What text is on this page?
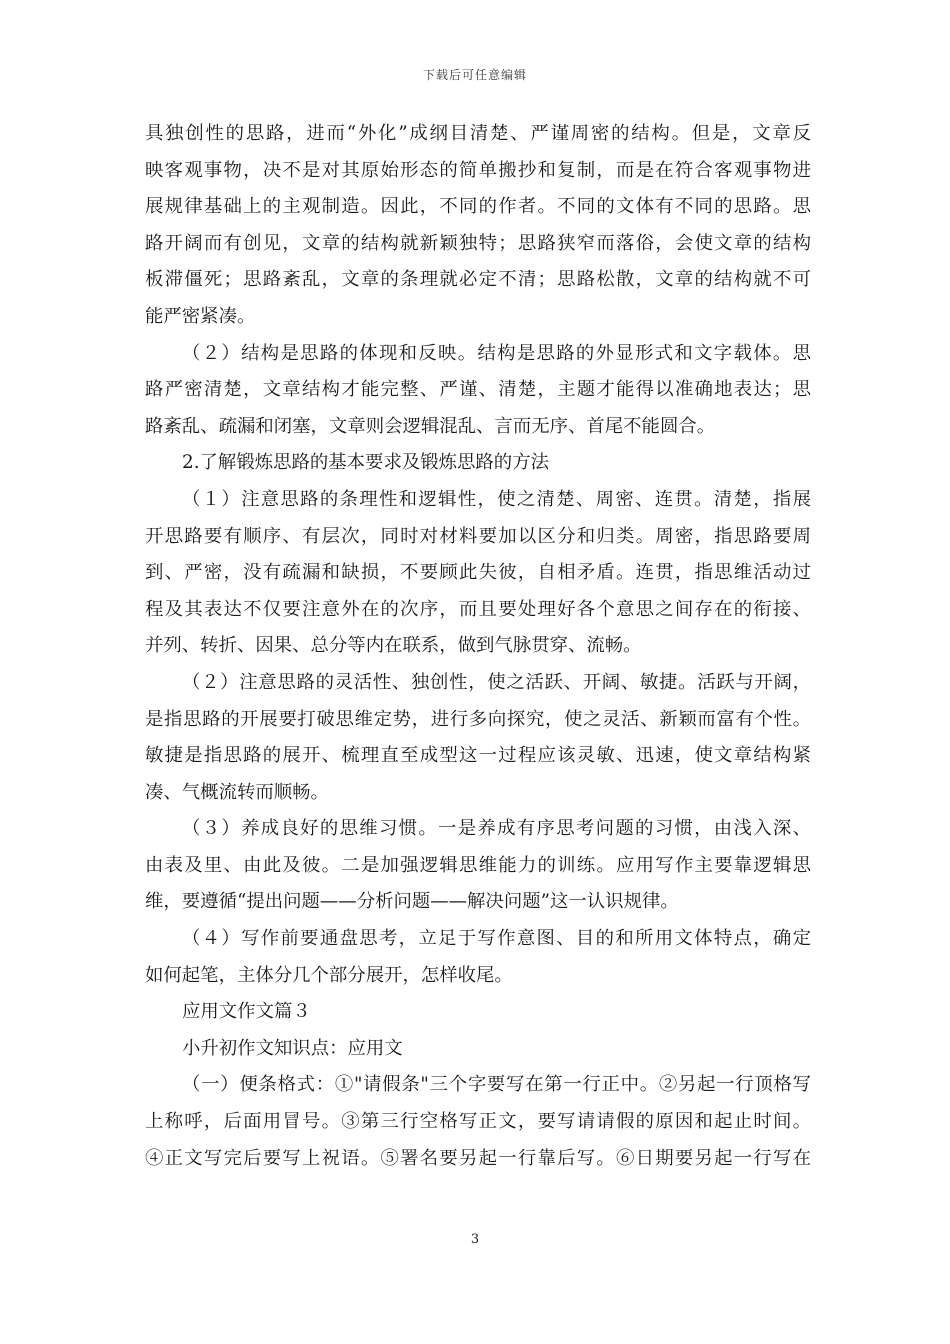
下载后可任意编辑
具独创性的思路，进而“外化”成纲目清楚、严谨周密的结构。但是，文章反
映客观事物，决不是对其原始形态的简单搬抄和复制，而是在符合客观事物进
展规律基础上的主观制造。因此，不同的作者。不同的文体有不同的思路。思
路开阔而有创见，文章的结构就新颖独特；思路狭窄而落俗，会使文章的结构
板滞僵死；思路紊乱，文章的条理就必定不清；思路松散，文章的结构就不可
能严密紧凑。
（２）结构是思路的体现和反映。结构是思路的外显形式和文字载体。思
路严密清楚，文章结构才能完整、严谨、清楚，主题才能得以准确地表达；思
路紊乱、疏漏和闭塞，文章则会逻辑混乱、言而无序、首尾不能圆合。
2.了解锻炼思路的基本要求及锻炼思路的方法
（１）注意思路的条理性和逻辑性，使之清楚、周密、连贯。清楚，指展
开思路要有顺序、有层次，同时对材料要加以区分和归类。周密，指思路要周
到、严密，没有疏漏和缺损，不要顾此失彼，自相矛盾。连贯，指思维活动过
程及其表达不仅要注意外在的次序，而且要处理好各个意思之间存在的衔接、
并列、转折、因果、总分等内在联系，做到气脉贯穿、流畅。
（２）注意思路的灵活性、独创性，使之活跃、开阔、敏捷。活跃与开阔，
是指思路的开展要打破思维定势，进行多向探究，使之灵活、新颖而富有个性。
敏捷是指思路的展开、梳理直至成型这一过程应该灵敏、迅速，使文章结构紧
凑、气概流转而顺畅。
（３）养成良好的思维习惯。一是养成有序思考问题的习惯，由浅入深、
由表及里、由此及彼。二是加强逻辑思维能力的训练。应用写作主要靠逻辑思
维，要遵循“提出问题——分析问题——解决问题”这一认识规律。
（４）写作前要通盘思考，立足于写作意图、目的和所用文体特点，确定
如何起笔，主体分几个部分展开，怎样收尾。
应用文作文篇３
小升初作文知识点：应用文
（一）便条格式：①"请假条"三个字要写在第一行正中。②另起一行顶格写
上称呼，后面用冒号。③第三行空格写正文，要写请请假的原因和起止时间。
④正文写完后要写上祝语。⑤署名要另起一行靠后写。⑥日期要另起一行写在
3
